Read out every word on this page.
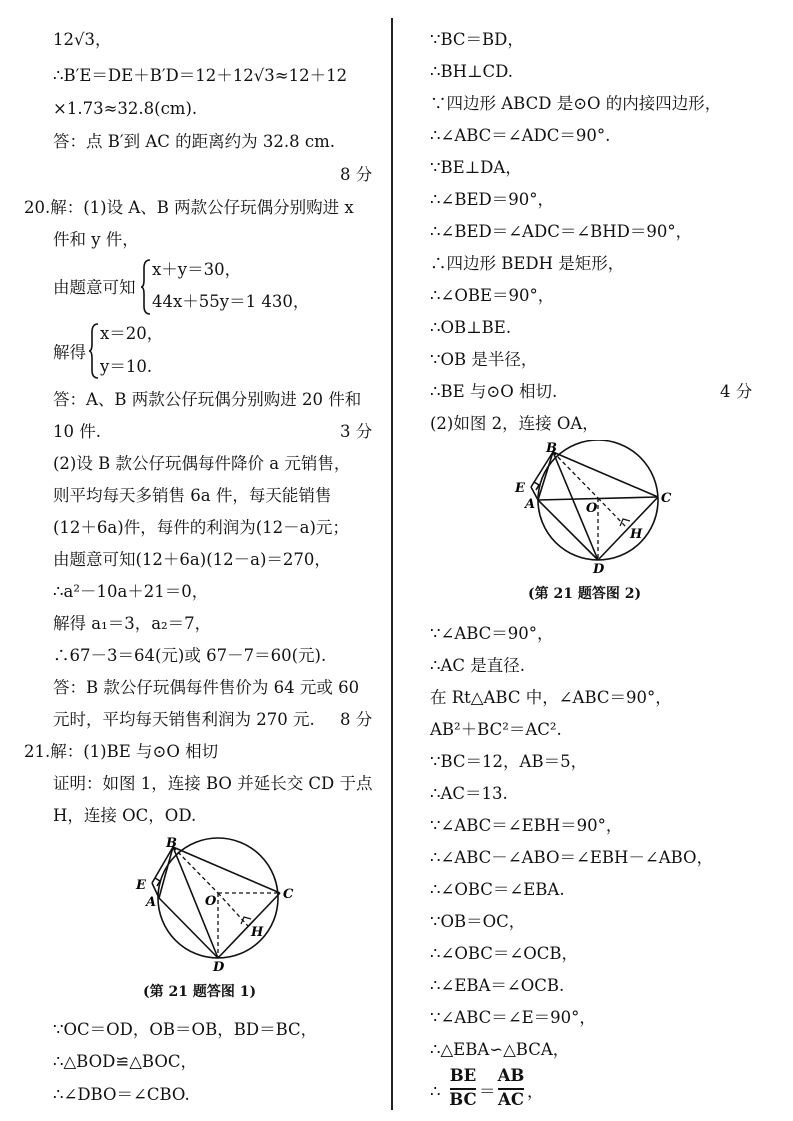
12√3，
∴B′E＝DE＋B′D＝12＋12√3≈12＋12
×1.73≈32.8(cm).
答：点 B′到 AC 的距离约为 32.8 cm.
8 分
20.解：(1)设 A、B 两款公仔玩偶分别购进 x
件和 y 件，
由题意可知
x＋y＝30，
44x＋55y＝1 430，
解得
x＝20，
y＝10.
答：A、B 两款公仔玩偶分别购进 20 件和
10 件.	3 分
(2)设 B 款公仔玩偶每件降价 a 元销售，
则平均每天多销售 6a 件，每天能销售
(12＋6a)件，每件的利润为(12－a)元；
由题意可知(12＋6a)(12－a)＝270，
∴a²－10a＋21＝0，
解得 a₁＝3，a₂＝7，
∴67－3＝64(元)或 67－7＝60(元).
答：B 款公仔玩偶每件售价为 64 元或 60
元时，平均每天销售利润为 270 元. 8 分
21.解：(1)BE 与⊙O 相切
证明：如图 1，连接 BO 并延长交 CD 于点
H，连接 OC，OD.
B
E
A	O	C
H
D
(第 21 题答图 1)
∵OC＝OD，OB＝OB，BD＝BC，
∴△BOD≌△BOC，
∴∠DBO＝∠CBO.
∵BC＝BD，
∴BH⊥CD.
∵四边形 ABCD 是⊙O 的内接四边形，
∴∠ABC＝∠ADC＝90°.
∵BE⊥DA，
∴∠BED＝90°，
∴∠BED＝∠ADC＝∠BHD＝90°，
∴四边形 BEDH 是矩形，
∴∠OBE＝90°，
∴OB⊥BE.
∵OB 是半径，
∴BE 与⊙O 相切.	4 分
(2)如图 2，连接 OA，
B
E
A	O
C
H
D
(第 21 题答图 2)
∵∠ABC＝90°，
∴AC 是直径.
在 Rt△ABC 中，∠ABC＝90°，
AB²＋BC²＝AC².
∵BC＝12，AB＝5，
∴AC＝13.
∵∠ABC＝∠EBH＝90°，
∴∠ABC－∠ABO＝∠EBH－∠ABO，
∴∠OBC＝∠EBA.
∵OB＝OC，
∴∠OBC＝∠OCB，
∴∠EBA＝∠OCB.
∵∠ABC＝∠E＝90°，
∴△EBA∽△BCA，
∴
BE
BC ＝
AB
AC ，
